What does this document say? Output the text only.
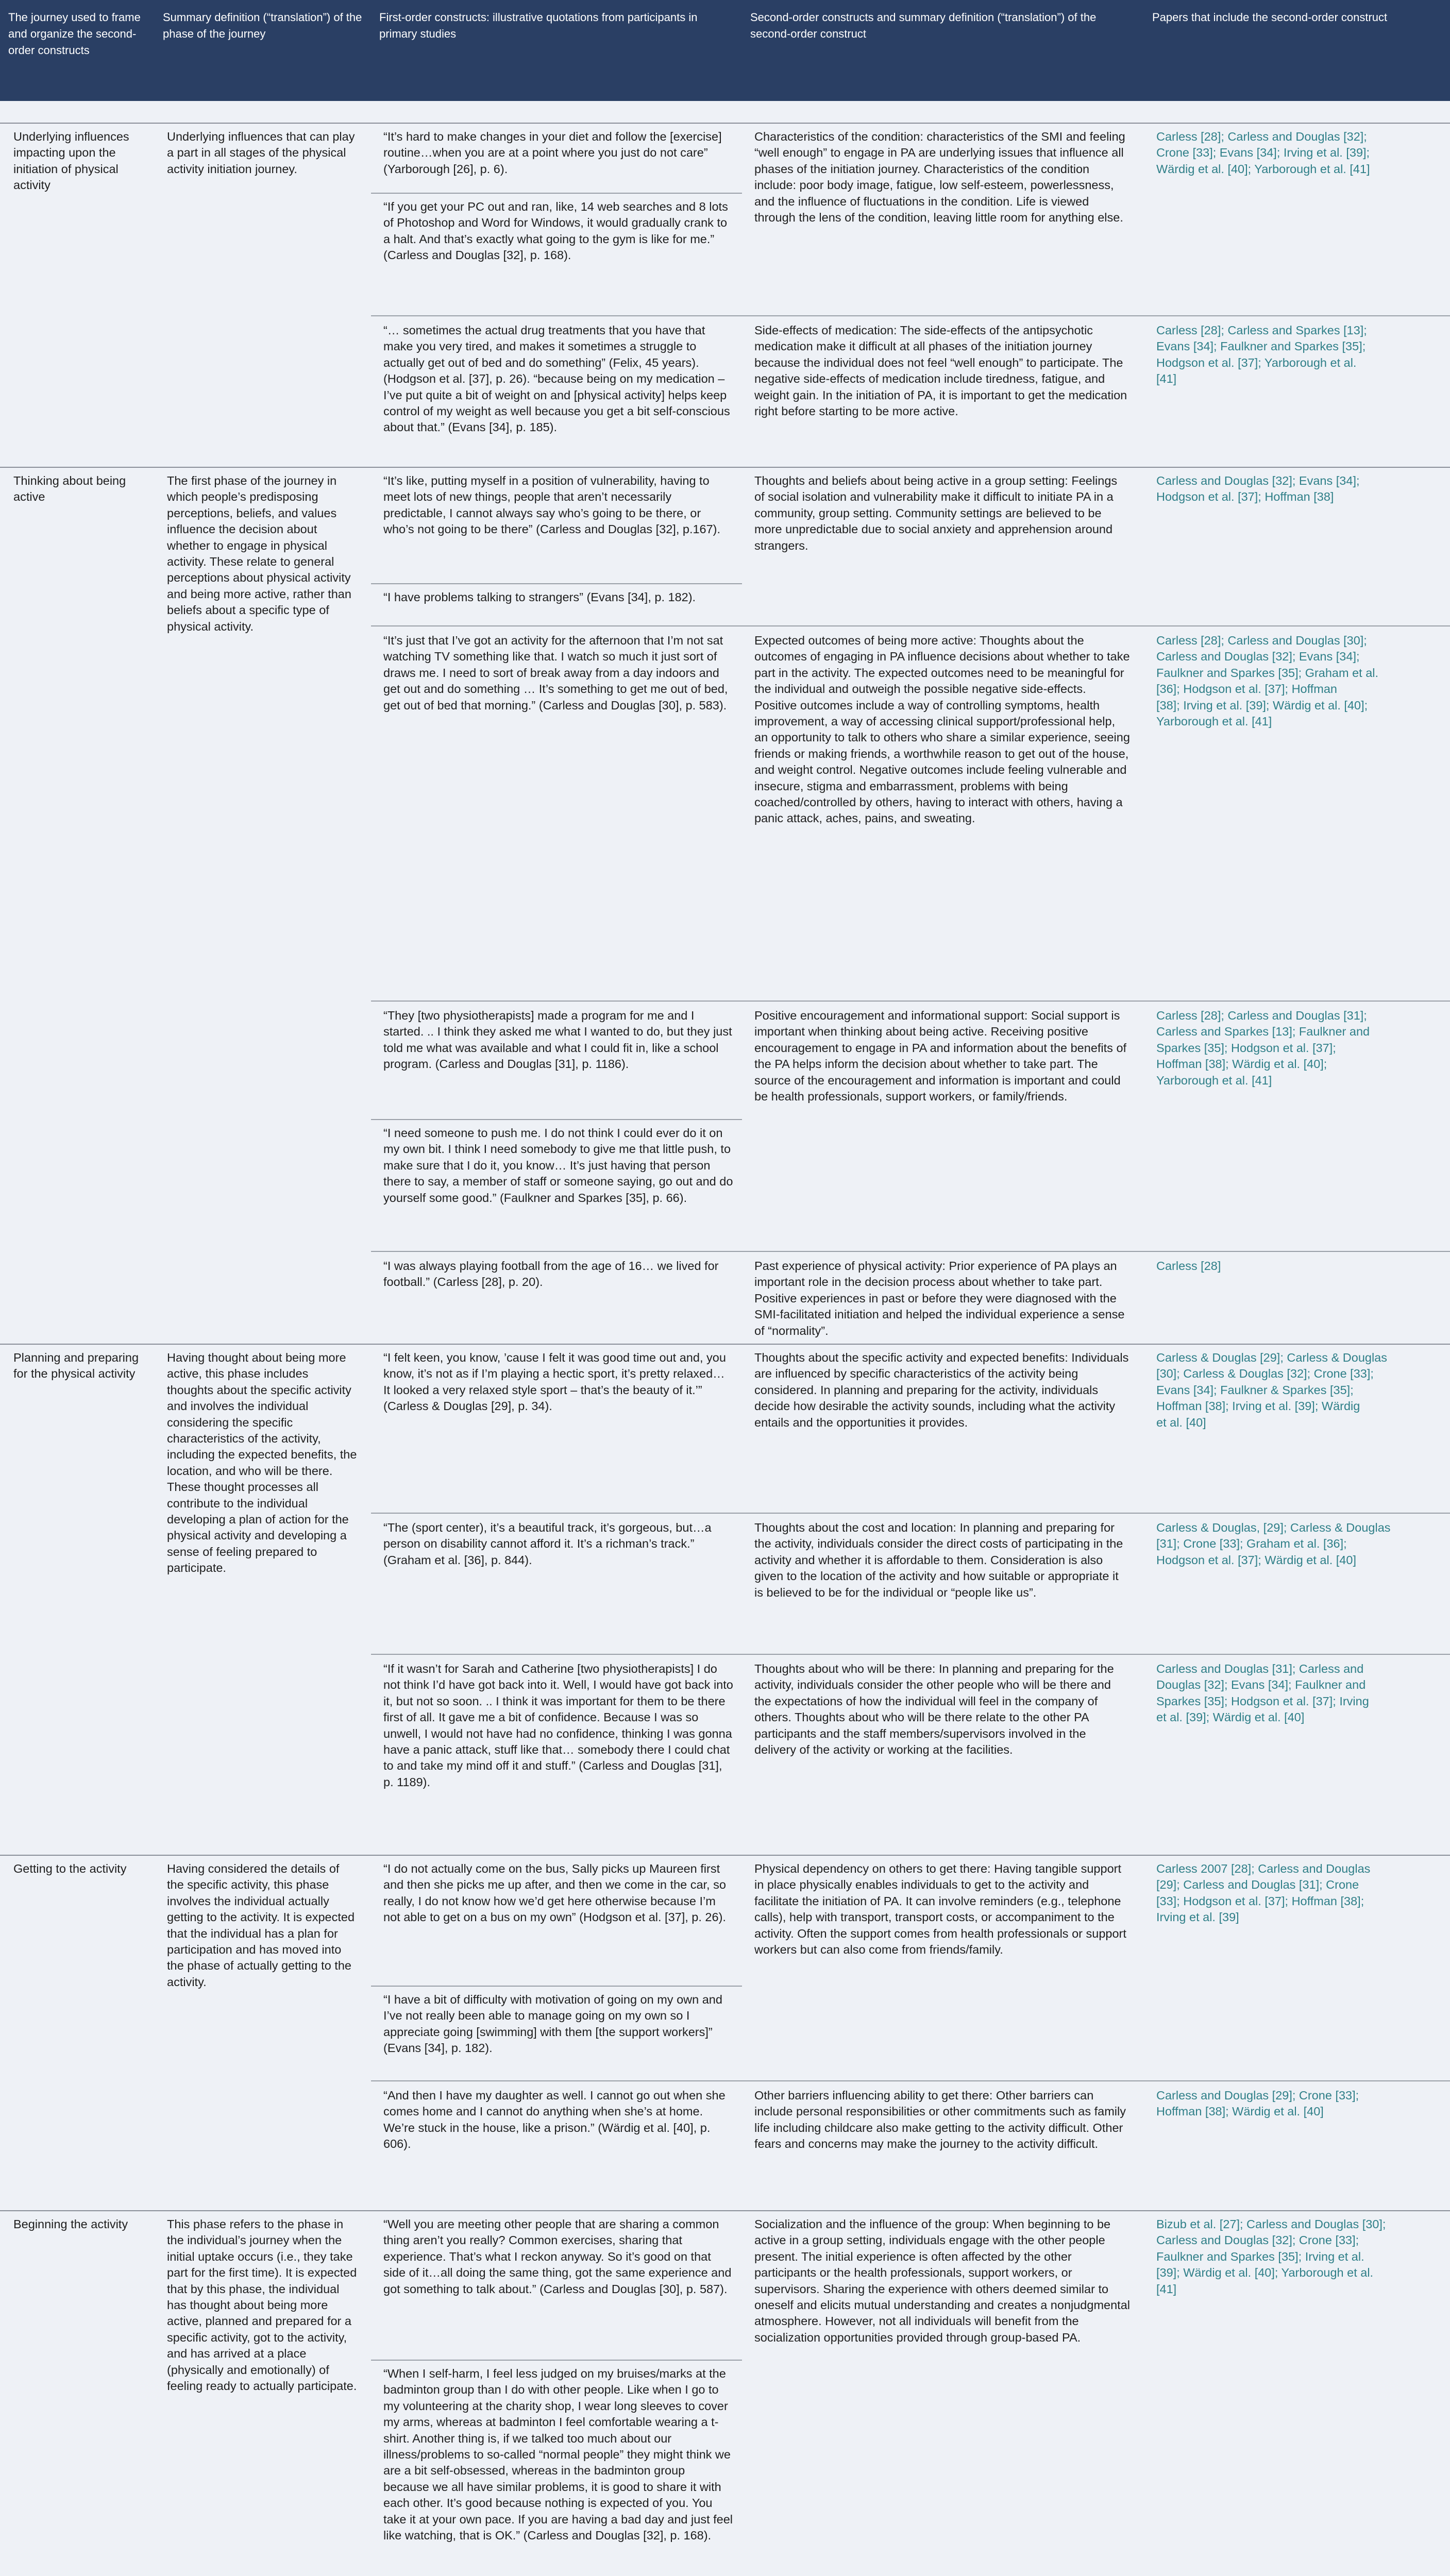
The journey used to frame and organize the second-order constructs
Summary definition (“translation”) of the phase of the journey
First-order constructs: illustrative quotations from participants in primary studies
Second-order constructs and summary definition (“translation”) of the second-order construct
Papers that include the second-order construct
Underlying influences impacting upon the initiation of physical activity
Underlying influences that can play a part in all stages of the physical activity initiation journey.
“It’s hard to make changes in your diet and follow the [exercise] routine…when you are at a point where you just do not care” (Yarborough [26], p. 6).
“If you get your PC out and ran, like, 14 web searches and 8 lots of Photoshop and Word for Windows, it would gradually crank to a halt. And that’s exactly what going to the gym is like for me.” (Carless and Douglas [32], p. 168).
Characteristics of the condition: characteristics of the SMI and feeling “well enough” to engage in PA are underlying issues that influence all phases of the initiation journey. Characteristics of the condition include: poor body image, fatigue, low self-esteem, powerlessness, and the influence of fluctuations in the condition. Life is viewed through the lens of the condition, leaving little room for anything else.

Carless [28]; Carless and Douglas [32];

Crone [33]; Evans [34]; Irving et al. [39];

Wärdig et al. [40]; Yarborough et al. [41]

“… sometimes the actual drug treatments that you have that make you very tired, and makes it sometimes a struggle to actually get out of bed and do something” (Felix, 45 years). (Hodgson et al. [37], p. 26). “because being on my medication – I’ve put quite a bit of weight on and [physical activity] helps keep control of my weight as well because you get a bit self-conscious about that.” (Evans [34], p. 185).
Side-effects of medication: The side-effects of the antipsychotic medication make it difficult at all phases of the initiation journey because the individual does not feel “well enough” to participate. The negative side-effects of medication include tiredness, fatigue, and weight gain. In the initiation of PA, it is important to get the medication right before starting to be more active.

Carless [28]; Carless and Sparkes [13];

Evans [34]; Faulkner and Sparkes [35];

Hodgson et al. [37]; Yarborough et al.

[41]

Thinking about being active
The first phase of the journey in which people’s predisposing perceptions, beliefs, and values influence the decision about whether to engage in physical activity. These relate to general perceptions about physical activity and being more active, rather than beliefs about a specific type of physical activity.
“It’s like, putting myself in a position of vulnerability, having to meet lots of new things, people that aren’t necessarily predictable, I cannot always say who’s going to be there, or who’s not going to be there” (Carless and Douglas [32], p.167).
“I have problems talking to strangers” (Evans [34], p. 182).
Thoughts and beliefs about being active in a group setting: Feelings of social isolation and vulnerability make it difficult to initiate PA in a community, group setting. Community settings are believed to be more unpredictable due to social anxiety and apprehension around strangers.

Carless and Douglas [32]; Evans [34];

Hodgson et al. [37]; Hoffman [38]

“It’s just that I’ve got an activity for the afternoon that I’m not sat watching TV something like that. I watch so much it just sort of draws me. I need to sort of break away from a day indoors and get out and do something … It’s something to get me out of bed, get out of bed that morning.” (Carless and Douglas [30], p. 583).
Expected outcomes of being more active: Thoughts about the outcomes of engaging in PA influence decisions about whether to take part in the activity. The expected outcomes need to be meaningful for the individual and outweigh the possible negative side-effects. Positive outcomes include a way of controlling symptoms, health improvement, a way of accessing clinical support/professional help, an opportunity to talk to others who share a similar experience, seeing friends or making friends, a worthwhile reason to get out of the house, and weight control. Negative outcomes include feeling vulnerable and insecure, stigma and embarrassment, problems with being coached/controlled by others, having to interact with others, having a panic attack, aches, pains, and sweating.

Carless [28]; Carless and Douglas [30];

Carless and Douglas [32]; Evans [34];

Faulkner and Sparkes [35]; Graham et al.

[36]; Hodgson et al. [37]; Hoffman

[38]; Irving et al. [39]; Wärdig et al. [40];

Yarborough et al. [41]

“They [two physiotherapists] made a program for me and I started. .. I think they asked me what I wanted to do, but they just told me what was available and what I could fit in, like a school program. (Carless and Douglas [31], p. 1186).
“I need someone to push me. I do not think I could ever do it on my own bit. I think I need somebody to give me that little push, to make sure that I do it, you know… It’s just having that person there to say, a member of staff or someone saying, go out and do yourself some good.” (Faulkner and Sparkes [35], p. 66).
Positive encouragement and informational support: Social support is important when thinking about being active. Receiving positive encouragement to engage in PA and information about the benefits of the PA helps inform the decision about whether to take part. The source of the encouragement and information is important and could be health professionals, support workers, or family/friends.

Carless [28]; Carless and Douglas [31];

Carless and Sparkes [13]; Faulkner and

Sparkes [35]; Hodgson et al. [37];

Hoffman [38]; Wärdig et al. [40];

Yarborough et al. [41]

“I was always playing football from the age of 16… we lived for football.” (Carless [28], p. 20).
Past experience of physical activity: Prior experience of PA plays an important role in the decision process about whether to take part. Positive experiences in past or before they were diagnosed with the SMI-facilitated initiation and helped the individual experience a sense of “normality”.

Carless [28]

Planning and preparing for the physical activity
Having thought about being more active, this phase includes thoughts about the specific activity and involves the individual considering the specific characteristics of the activity, including the expected benefits, the location, and who will be there. These thought processes all contribute to the individual developing a plan of action for the physical activity and developing a sense of feeling prepared to participate.
“I felt keen, you know, ’cause I felt it was good time out and, you know, it’s not as if I’m playing a hectic sport, it’s pretty relaxed… It looked a very relaxed style sport – that’s the beauty of it.’” (Carless & Douglas [29], p. 34).
Thoughts about the specific activity and expected benefits: Individuals are influenced by specific characteristics of the activity being considered. In planning and preparing for the activity, individuals decide how desirable the activity sounds, including what the activity entails and the opportunities it provides.

Carless & Douglas [29]; Carless & Douglas

[30]; Carless & Douglas [32]; Crone [33];

Evans [34]; Faulkner & Sparkes [35];

Hoffman [38]; Irving et al. [39]; Wärdig

et al. [40]

“The (sport center), it’s a beautiful track, it’s gorgeous, but…a person on disability cannot afford it. It’s a richman’s track.” (Graham et al. [36], p. 844).
Thoughts about the cost and location: In planning and preparing for the activity, individuals consider the direct costs of participating in the activity and whether it is affordable to them. Consideration is also given to the location of the activity and how suitable or appropriate it is believed to be for the individual or “people like us”.

Carless & Douglas, [29]; Carless & Douglas

[31]; Crone [33]; Graham et al. [36];

Hodgson et al. [37]; Wärdig et al. [40]

“If it wasn’t for Sarah and Catherine [two physiotherapists] I do not think I’d have got back into it. Well, I would have got back into it, but not so soon. .. I think it was important for them to be there first of all. It gave me a bit of confidence. Because I was so unwell, I would not have had no confidence, thinking I was gonna have a panic attack, stuff like that… somebody there I could chat to and take my mind off it and stuff.” (Carless and Douglas [31], p. 1189).
Thoughts about who will be there: In planning and preparing for the activity, individuals consider the other people who will be there and the expectations of how the individual will feel in the company of others. Thoughts about who will be there relate to the other PA participants and the staff members/supervisors involved in the delivery of the activity or working at the facilities.

Carless and Douglas [31]; Carless and

Douglas [32]; Evans [34]; Faulkner and

Sparkes [35]; Hodgson et al. [37]; Irving

et al. [39]; Wärdig et al. [40]

Getting to the activity	Having considered the details of the specific activity, this phase involves the individual actually getting to the activity. It is expected that the individual has a plan for participation and has moved into the phase of actually getting to the activity.
“I do not actually come on the bus, Sally picks up Maureen first and then she picks me up after, and then we come in the car, so really, I do not know how we’d get here otherwise because I’m not able to get on a bus on my own” (Hodgson et al. [37], p. 26).
“I have a bit of difficulty with motivation of going on my own and I’ve not really been able to manage going on my own so I appreciate going [swimming] with them [the support workers]” (Evans [34], p. 182).
Physical dependency on others to get there: Having tangible support in place physically enables individuals to get to the activity and facilitate the initiation of PA. It can involve reminders (e.g., telephone calls), help with transport, transport costs, or accompaniment to the activity. Often the support comes from health professionals or support workers but can also come from friends/family.

Carless 2007 [28]; Carless and Douglas

[29]; Carless and Douglas [31]; Crone

[33]; Hodgson et al. [37]; Hoffman [38];

Irving et al. [39]

“And then I have my daughter as well. I cannot go out when she comes home and I cannot do anything when she’s at home. We’re stuck in the house, like a prison.” (Wärdig et al. [40], p. 606).
Other barriers influencing ability to get there: Other barriers can include personal responsibilities or other commitments such as family life including childcare also make getting to the activity difficult. Other fears and concerns may make the journey to the activity difficult.

Carless and Douglas [29]; Crone [33];

Hoffman [38]; Wärdig et al. [40]

Beginning the activity	This phase refers to the phase in the individual’s journey when the initial uptake occurs (i.e., they take part for the first time). It is expected that by this phase, the individual has thought about being more active, planned and prepared for a specific activity, got to the activity, and has arrived at a place (physically and emotionally) of feeling ready to actually participate.
“Well you are meeting other people that are sharing a common thing aren’t you really? Common exercises, sharing that experience. That’s what I reckon anyway. So it’s good on that side of it…all doing the same thing, got the same experience and got something to talk about.” (Carless and Douglas [30], p. 587).
“When I self-harm, I feel less judged on my bruises/marks at the badminton group than I do with other people. Like when I go to my volunteering at the charity shop, I wear long sleeves to cover my arms, whereas at badminton I feel comfortable wearing a t-shirt. Another thing is, if we talked too much about our illness/problems to so-called “normal people” they might think we are a bit self-obsessed, whereas in the badminton group because we all have similar problems, it is good to share it with each other. It’s good because nothing is expected of you. You take it at your own pace. If you are having a bad day and just feel like watching, that is OK.” (Carless and Douglas [32], p. 168).
Socialization and the influence of the group: When beginning to be active in a group setting, individuals engage with the other people present. The initial experience is often affected by the other participants or the health professionals, support workers, or supervisors. Sharing the experience with others deemed similar to oneself and elicits mutual understanding and creates a nonjudgmental atmosphere. However, not all individuals will benefit from the socialization opportunities provided through group-based PA.

Bizub et al. [27]; Carless and Douglas [30];

Carless and Douglas [32]; Crone [33];

Faulkner and Sparkes [35]; Irving et al.

[39]; Wärdig et al. [40]; Yarborough et al.

[41]
